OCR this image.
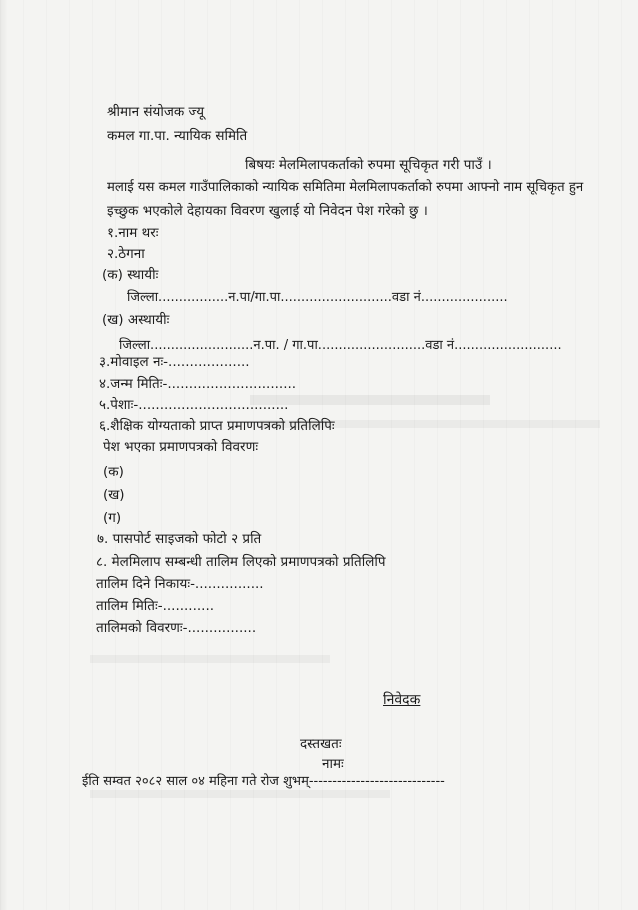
श्रीमान संयोजक ज्यू
कमल गा.पा. न्यायिक समिति
बिषयः मेलमिलापकर्ताको रुपमा सूचिकृत गरी पाउँ ।
मलाई यस कमल गाउँपालिकाको न्यायिक समितिमा मेलमिलापकर्ताको रुपमा आफ्नो नाम सूचिकृत हुन
इच्छुक भएकोले देहायका विवरण खुलाई यो निवेदन पेश गरेको छु ।
१.नाम थरः
२.ठेगना
(क) स्थायीः
जिल्ला.................न.पा/गा.पा...........................वडा नं.....................
(ख) अस्थायीः
जिल्ला.........................न.पा. / गा.पा..........................वडा नं..........................
३.मोवाइल नः-...................
४.जन्म मितिः-..............................
५.पेशाः-...................................
६.शैक्षिक योग्यताको प्राप्त प्रमाणपत्रको प्रतिलिपिः
पेश भएका प्रमाणपत्रको विवरणः
(क)
(ख)
(ग)
७. पासपोर्ट साइजको फोटो २ प्रति
८. मेलमिलाप सम्बन्धी तालिम लिएको प्रमाणपत्रको प्रतिलिपि
तालिम दिने निकायः-................
तालिम मितिः-............
तालिमको विवरणः-................
निवेदक
दस्तखतः
नामः
ईति सम्वत २०८२ साल ०४ महिना गते रोज शुभम्-----------------------------
